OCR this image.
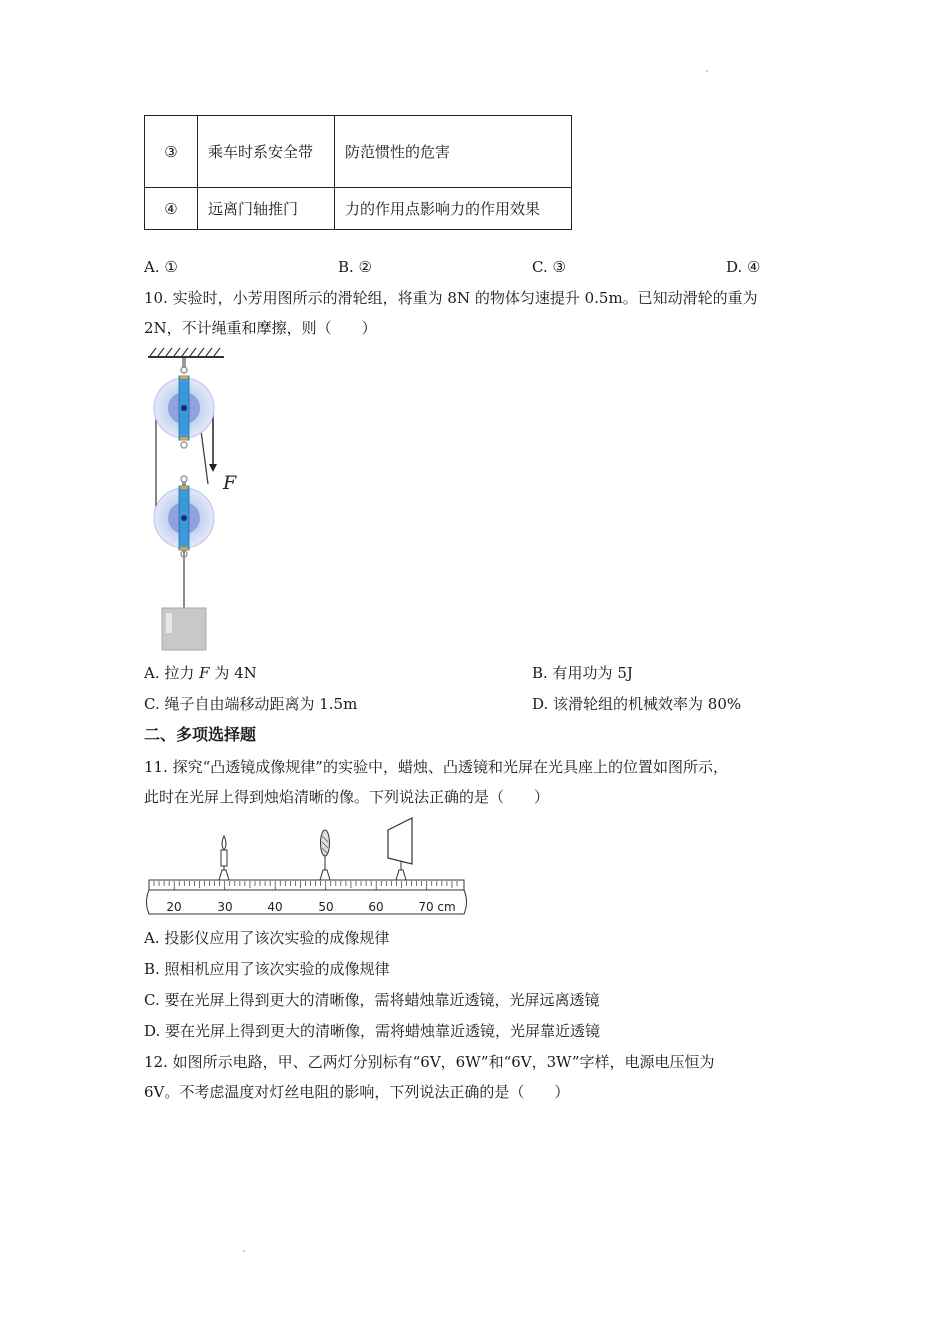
③	乘车时系安全带	防范惯性的危害
④	远离门轴推门	力的作用点影响力的作用效果
A. ①	B. ②	C. ③	D. ④
10. 实验时，小芳用图所示的滑轮组，将重为 8N 的物体匀速提升 0.5m。已知动滑轮的重为
2N，不计绳重和摩擦，则（　　）
F
A. 拉力 F 为 4N	B. 有用功为 5J
C. 绳子自由端移动距离为 1.5m	D. 该滑轮组的机械效率为 80%
二、多项选择题
11. 探究“凸透镜成像规律”的实验中，蜡烛、凸透镜和光屏在光具座上的位置如图所示，
此时在光屏上得到烛焰清晰的像。下列说法正确的是（　　）
20	30	40	50	60	70 cm
A. 投影仪应用了该次实验的成像规律
B. 照相机应用了该次实验的成像规律
C. 要在光屏上得到更大的清晰像，需将蜡烛靠近透镜，光屏远离透镜
D. 要在光屏上得到更大的清晰像，需将蜡烛靠近透镜，光屏靠近透镜
12. 如图所示电路，甲、乙两灯分别标有“6V，6W”和“6V，3W”字样，电源电压恒为
6V。不考虑温度对灯丝电阻的影响，下列说法正确的是（　　）
